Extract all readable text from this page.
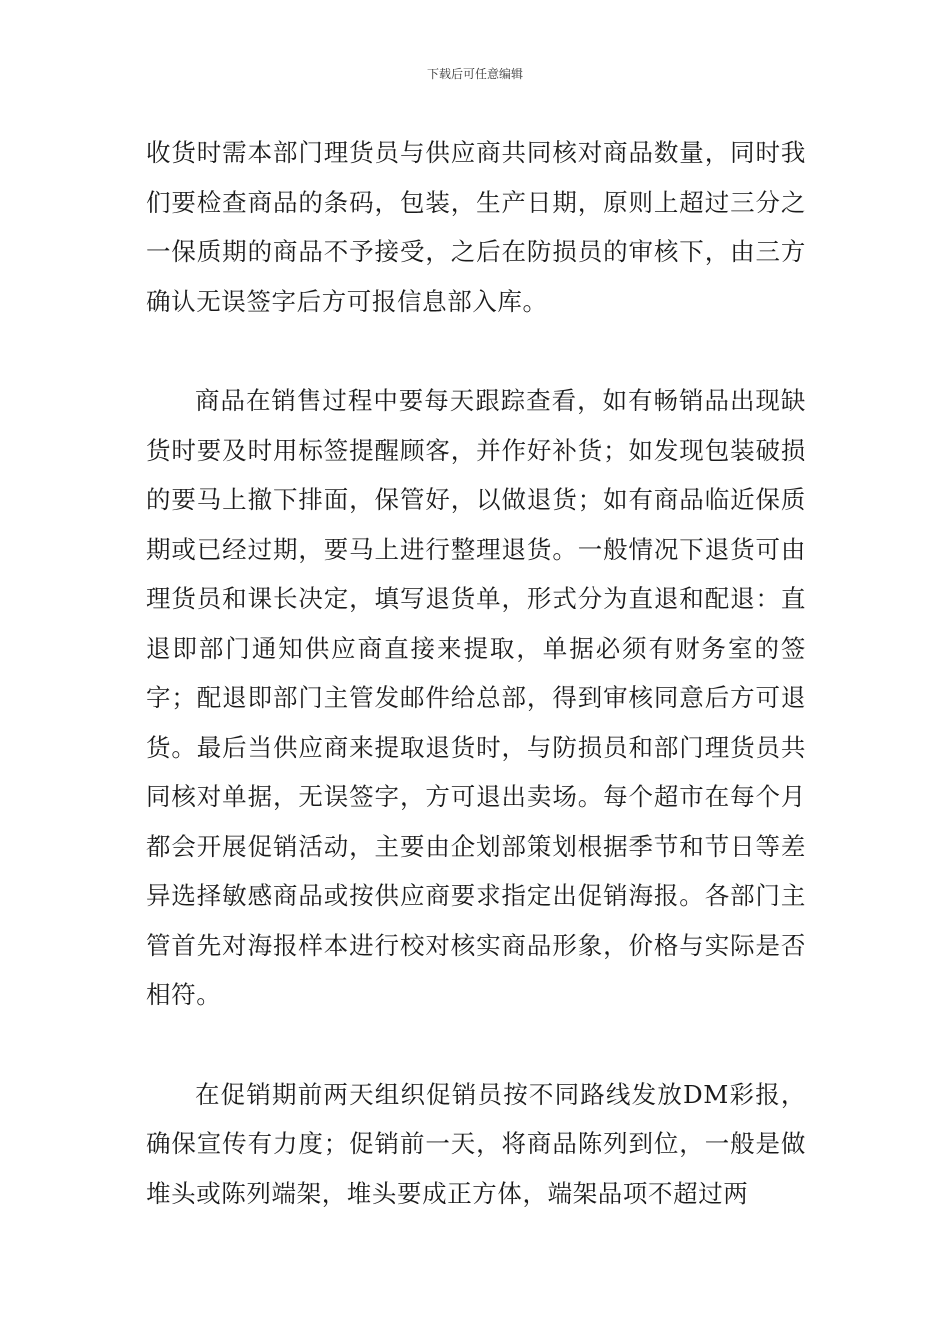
下载后可任意编辑

收货时需本部门理货员与供应商共同核对商品数量，同时我们要检查商品的条码，包装，生产日期，原则上超过三分之一保质期的商品不予接受，之后在防损员的审核下，由三方确认无误签字后方可报信息部入库。

商品在销售过程中要每天跟踪查看，如有畅销品出现缺货时要及时用标签提醒顾客，并作好补货；如发现包装破损的要马上撤下排面，保管好，以做退货；如有商品临近保质期或已经过期，要马上进行整理退货。一般情况下退货可由理货员和课长决定，填写退货单，形式分为直退和配退：直退即部门通知供应商直接来提取，单据必须有财务室的签字；配退即部门主管发邮件给总部，得到审核同意后方可退货。最后当供应商来提取退货时，与防损员和部门理货员共同核对单据，无误签字，方可退出卖场。每个超市在每个月都会开展促销活动，主要由企划部策划根据季节和节日等差异选择敏感商品或按供应商要求指定出促销海报。各部门主管首先对海报样本进行校对核实商品形象，价格与实际是否相符。

在促销期前两天组织促销员按不同路线发放DM彩报，确保宣传有力度；促销前一天，将商品陈列到位，一般是做堆头或陈列端架，堆头要成正方体，端架品项不超过两
